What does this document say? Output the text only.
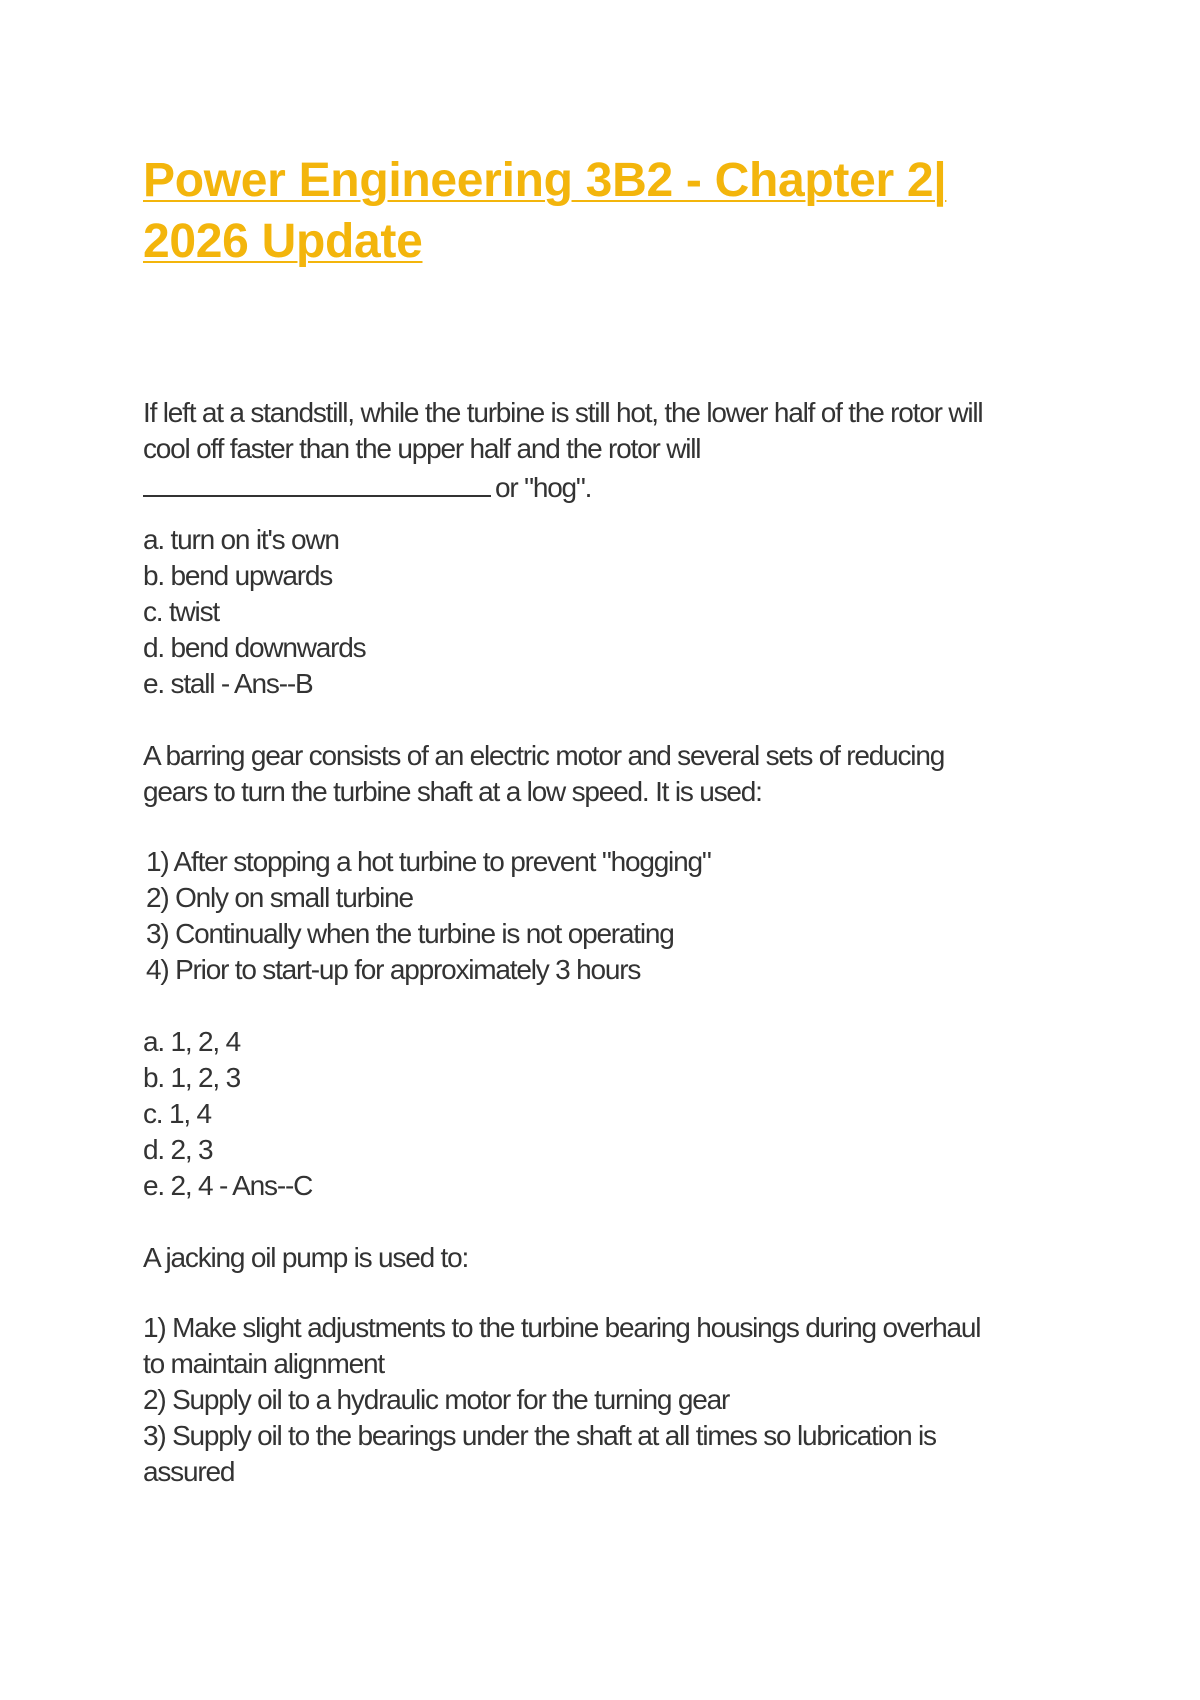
Power Engineering 3B2 - Chapter 2|
2026 Update
If left at a standstill, while the turbine is still hot, the lower half of the rotor will
cool off faster than the upper half and the rotor will
or "hog".
a. turn on it's own
b. bend upwards
c. twist
d. bend downwards
e. stall - Ans--B
A barring gear consists of an electric motor and several sets of reducing
gears to turn the turbine shaft at a low speed. It is used:
1) After stopping a hot turbine to prevent "hogging"
2) Only on small turbine
3) Continually when the turbine is not operating
4) Prior to start-up for approximately 3 hours
a. 1, 2, 4
b. 1, 2, 3
c. 1, 4
d. 2, 3
e. 2, 4 - Ans--C
A jacking oil pump is used to:
1) Make slight adjustments to the turbine bearing housings during overhaul
to maintain alignment
2) Supply oil to a hydraulic motor for the turning gear
3) Supply oil to the bearings under the shaft at all times so lubrication is
assured
